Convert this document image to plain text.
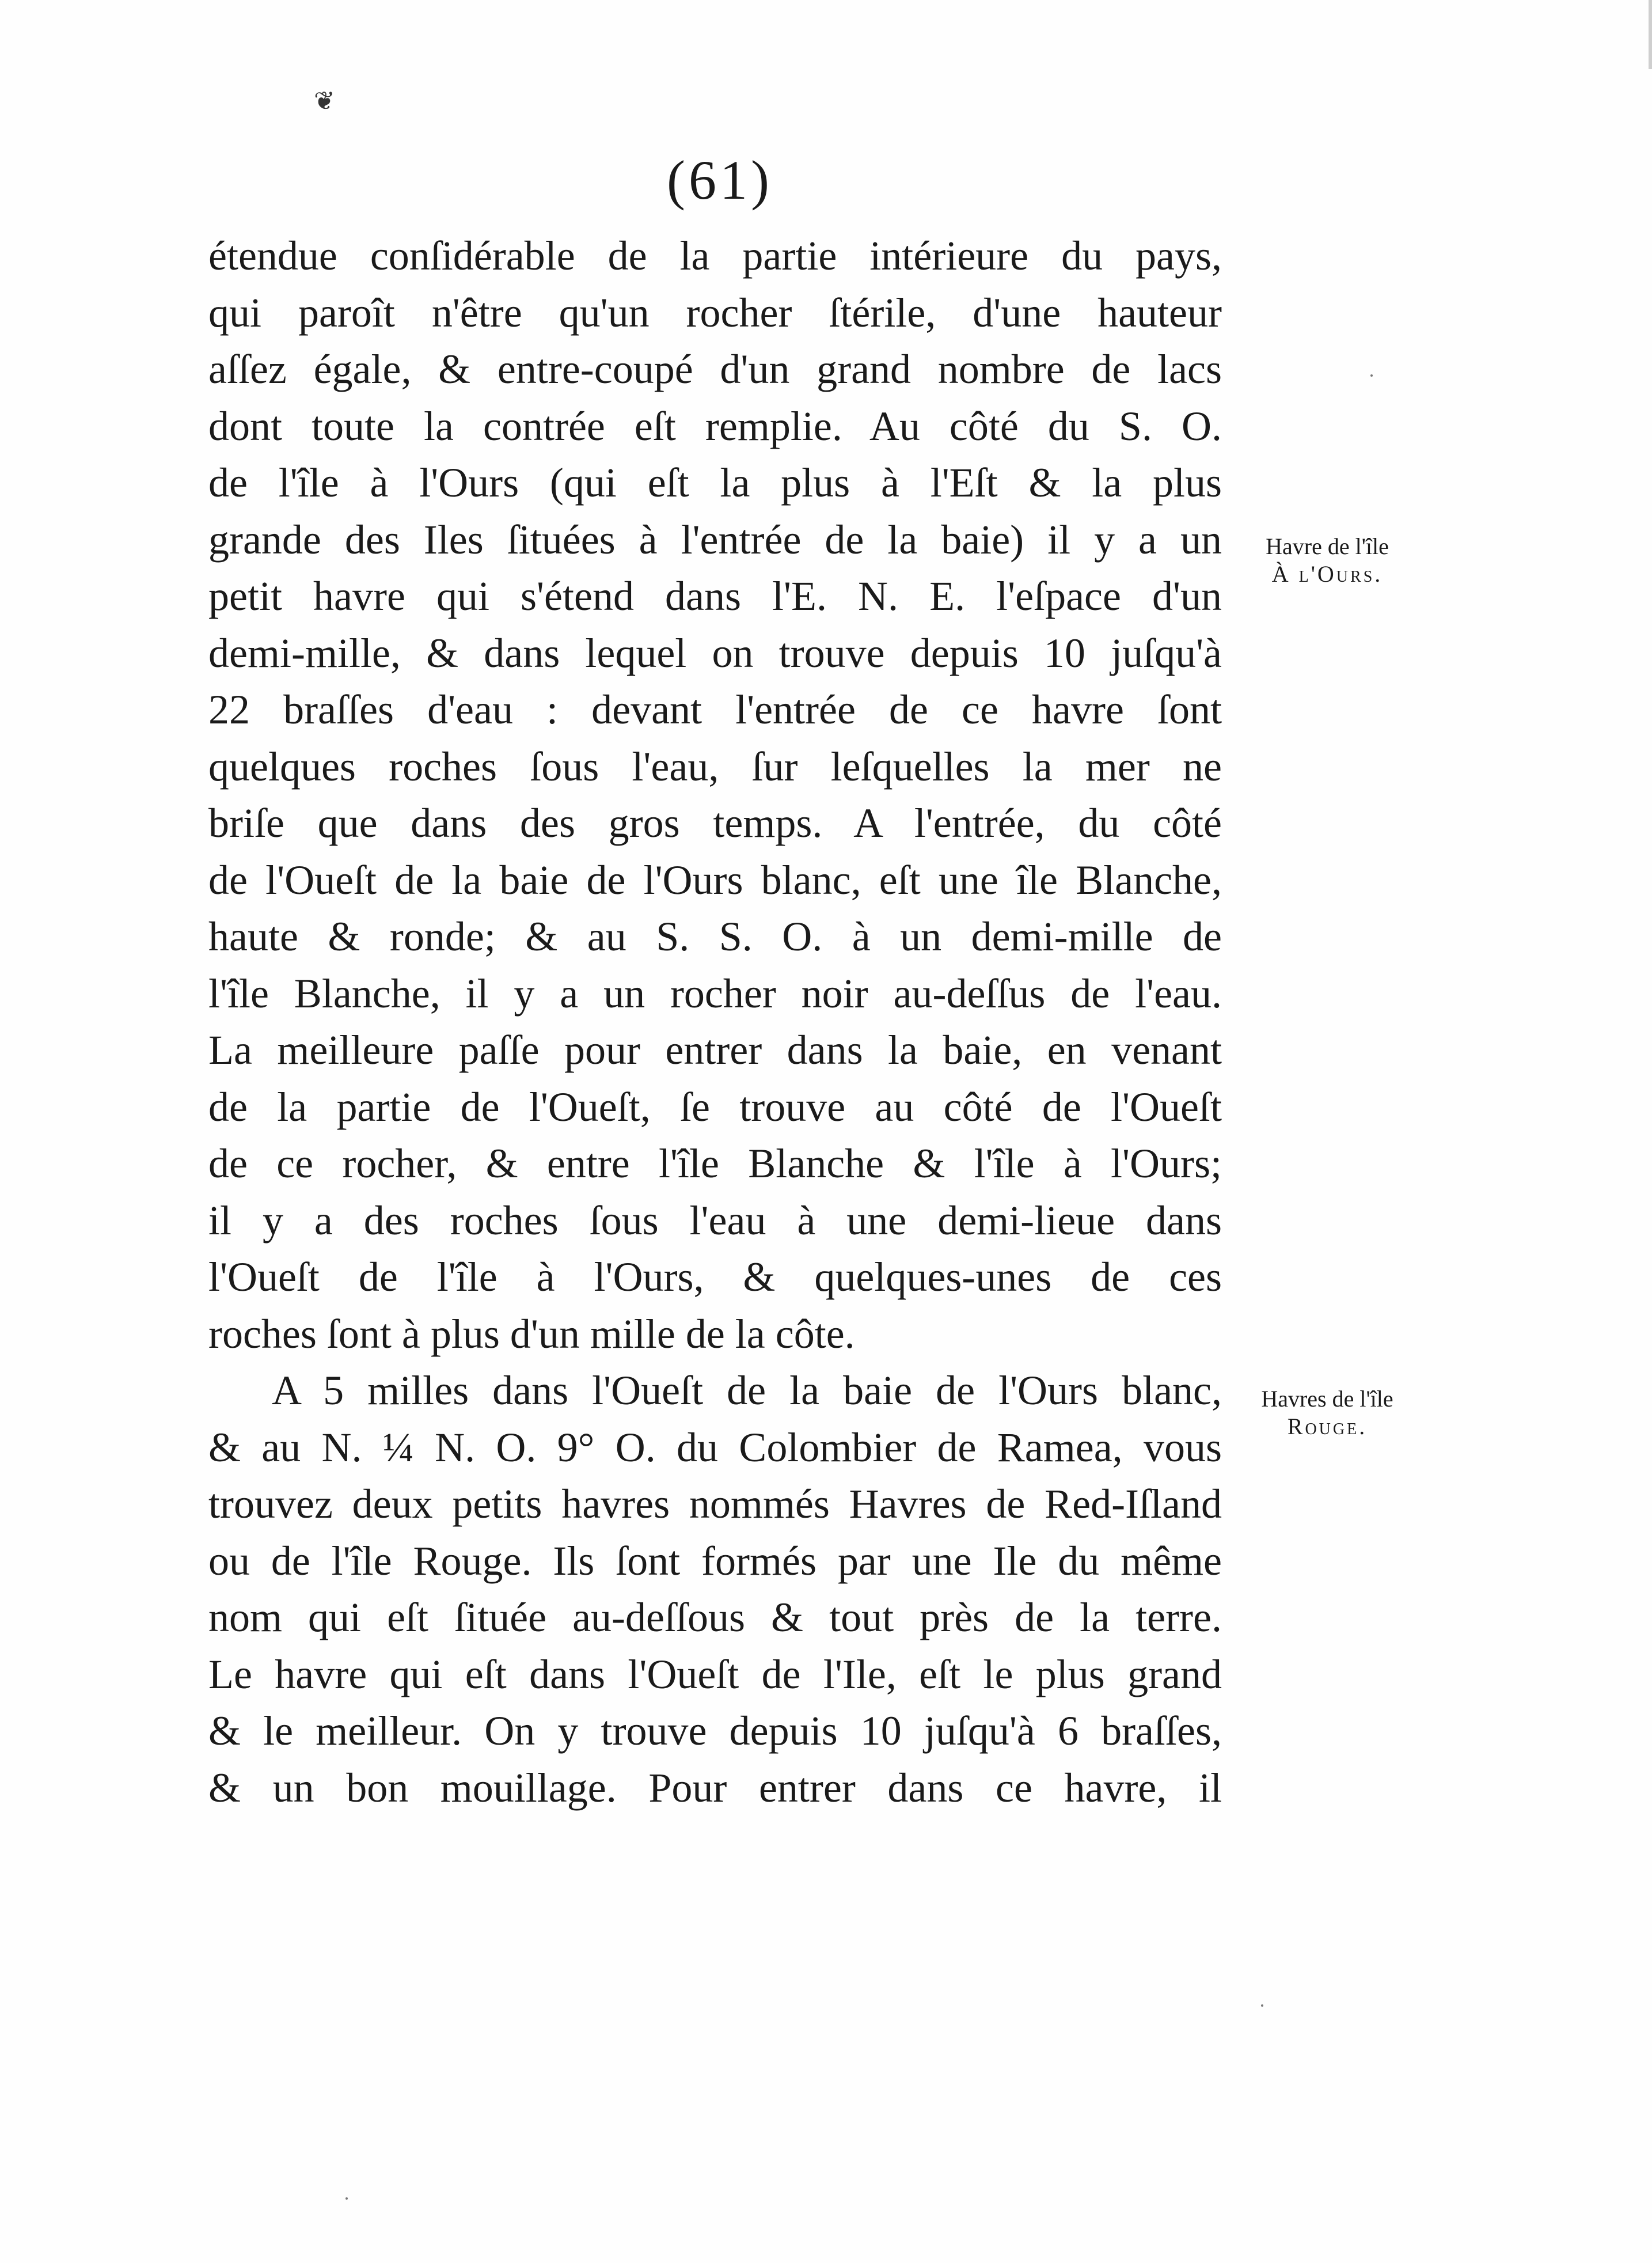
❦
(61)
étendue conſidérable de la partie intérieure du pays,
qui paroît n'être qu'un rocher ſtérile, d'une hauteur
aſſez égale, & entre-coupé d'un grand nombre de lacs
dont toute la contrée eſt remplie. Au côté du S. O.
de l'île à l'Ours (qui eſt la plus à l'Eſt & la plus
grande des Iles ſituées à l'entrée de la baie) il y a un
petit havre qui s'étend dans l'E. N. E. l'eſpace d'un
demi-mille, & dans lequel on trouve depuis 10 juſqu'à
22 braſſes d'eau : devant l'entrée de ce havre ſont
quelques roches ſous l'eau, ſur leſquelles la mer ne
briſe que dans des gros temps. A l'entrée, du côté
de l'Oueſt de la baie de l'Ours blanc, eſt une île Blanche,
haute & ronde; & au S. S. O. à un demi-mille de
l'île Blanche, il y a un rocher noir au-deſſus de l'eau.
La meilleure paſſe pour entrer dans la baie, en venant
de la partie de l'Oueſt, ſe trouve au côté de l'Oueſt
de ce rocher, & entre l'île Blanche & l'île à l'Ours;
il y a des roches ſous l'eau à une demi-lieue dans
l'Oueſt de l'île à l'Ours, & quelques-unes de ces
roches ſont à plus d'un mille de la côte.
A 5 milles dans l'Oueſt de la baie de l'Ours blanc,
& au N. ¼ N. O. 9° O. du Colombier de Ramea, vous
trouvez deux petits havres nommés Havres de Red-Iſland
ou de l'île Rouge. Ils ſont formés par une Ile du même
nom qui eſt ſituée au-deſſous & tout près de la terre.
Le havre qui eſt dans l'Oueſt de l'Ile, eſt le plus grand
& le meilleur. On y trouve depuis 10 juſqu'à 6 braſſes,
& un bon mouillage. Pour entrer dans ce havre, il
Havre de l'île
À l'Ours.
Havres de l'île
Rouge.
